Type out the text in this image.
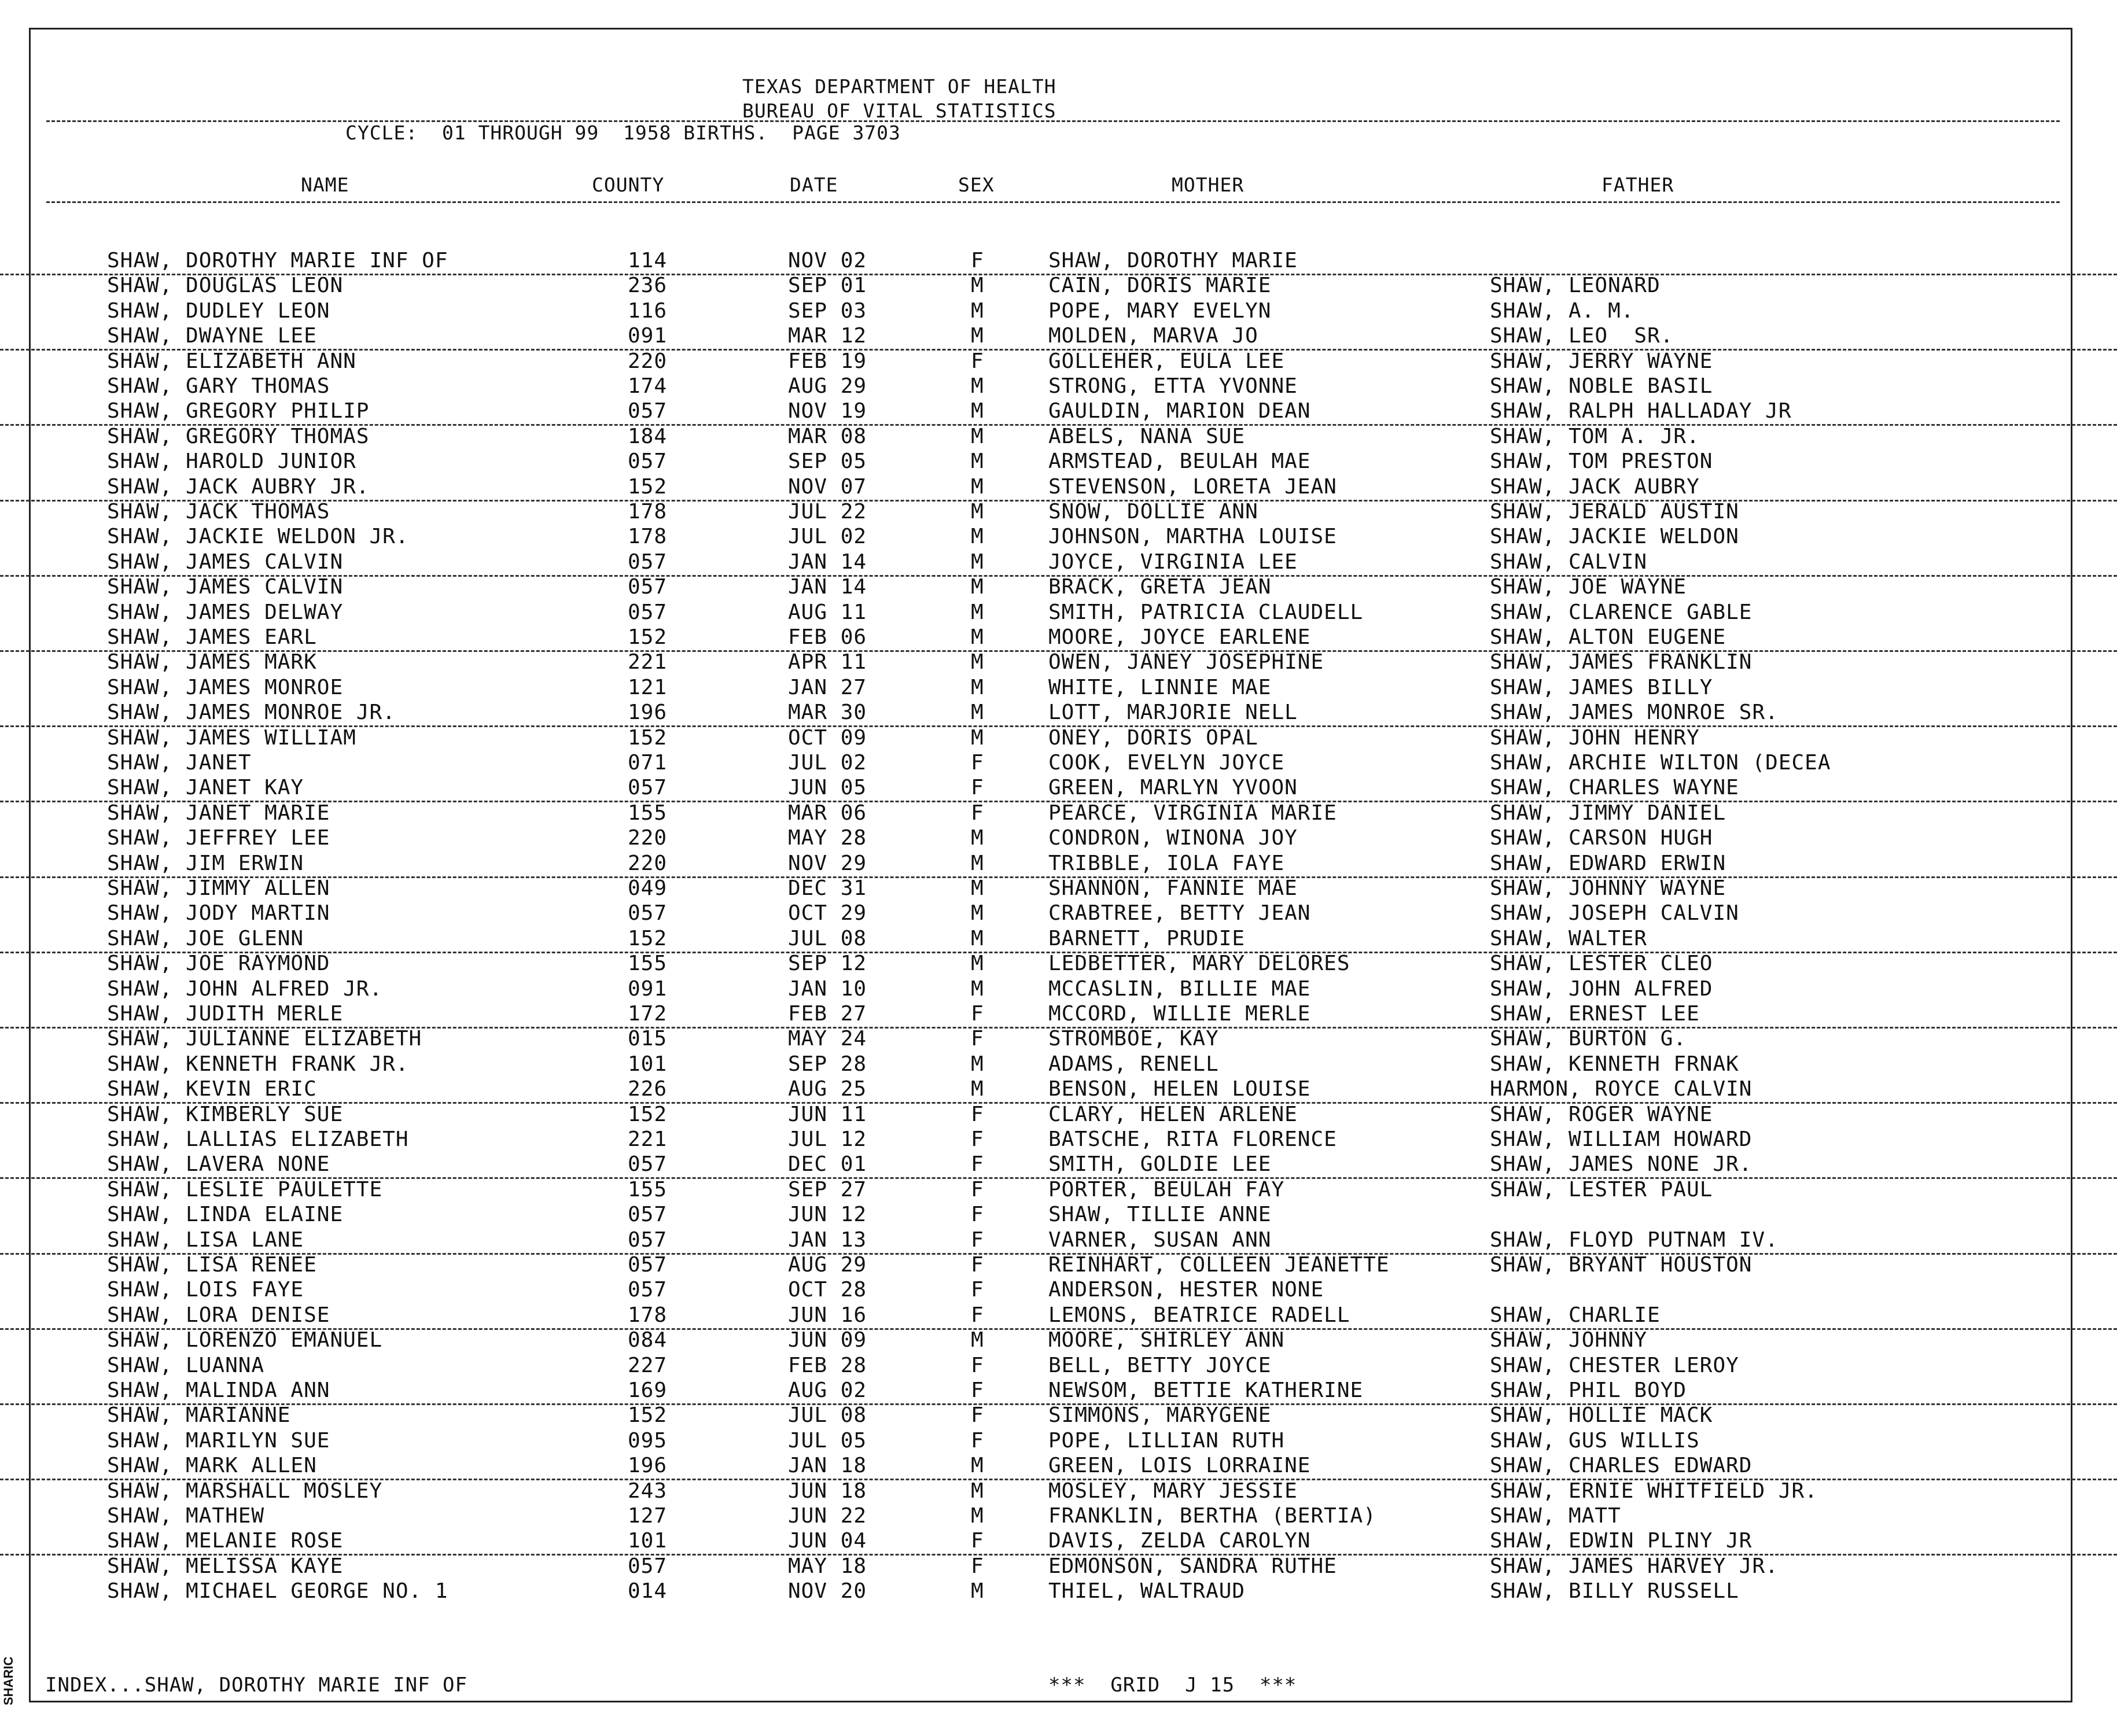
TEXAS DEPARTMENT OF HEALTH
BUREAU OF VITAL STATISTICS
CYCLE:  01 THROUGH 99  1958 BIRTHS.  PAGE 3703
NAME	COUNTY	DATE	SEX	MOTHER	FATHER
SHAW, DOROTHY MARIE INF OF	114	NOV 02	F	SHAW, DOROTHY MARIE
SHAW, DOUGLAS LEON	236	SEP 01	M	CAIN, DORIS MARIE	SHAW, LEONARD
SHAW, DUDLEY LEON	116	SEP 03	M	POPE, MARY EVELYN	SHAW, A. M.
SHAW, DWAYNE LEE	091	MAR 12	M	MOLDEN, MARVA JO	SHAW, LEO  SR.
SHAW, ELIZABETH ANN	220	FEB 19	F	GOLLEHER, EULA LEE	SHAW, JERRY WAYNE
SHAW, GARY THOMAS	174	AUG 29	M	STRONG, ETTA YVONNE	SHAW, NOBLE BASIL
SHAW, GREGORY PHILIP	057	NOV 19	M	GAULDIN, MARION DEAN	SHAW, RALPH HALLADAY JR
SHAW, GREGORY THOMAS	184	MAR 08	M	ABELS, NANA SUE	SHAW, TOM A. JR.
SHAW, HAROLD JUNIOR	057	SEP 05	M	ARMSTEAD, BEULAH MAE	SHAW, TOM PRESTON
SHAW, JACK AUBRY JR.	152	NOV 07	M	STEVENSON, LORETA JEAN	SHAW, JACK AUBRY
SHAW, JACK THOMAS	178	JUL 22	M	SNOW, DOLLIE ANN	SHAW, JERALD AUSTIN
SHAW, JACKIE WELDON JR.	178	JUL 02	M	JOHNSON, MARTHA LOUISE	SHAW, JACKIE WELDON
SHAW, JAMES CALVIN	057	JAN 14	M	JOYCE, VIRGINIA LEE	SHAW, CALVIN
SHAW, JAMES CALVIN	057	JAN 14	M	BRACK, GRETA JEAN	SHAW, JOE WAYNE
SHAW, JAMES DELWAY	057	AUG 11	M	SMITH, PATRICIA CLAUDELL	SHAW, CLARENCE GABLE
SHAW, JAMES EARL	152	FEB 06	M	MOORE, JOYCE EARLENE	SHAW, ALTON EUGENE
SHAW, JAMES MARK	221	APR 11	M	OWEN, JANEY JOSEPHINE	SHAW, JAMES FRANKLIN
SHAW, JAMES MONROE	121	JAN 27	M	WHITE, LINNIE MAE	SHAW, JAMES BILLY
SHAW, JAMES MONROE JR.	196	MAR 30	M	LOTT, MARJORIE NELL	SHAW, JAMES MONROE SR.
SHAW, JAMES WILLIAM	152	OCT 09	M	ONEY, DORIS OPAL	SHAW, JOHN HENRY
SHAW, JANET	071	JUL 02	F	COOK, EVELYN JOYCE	SHAW, ARCHIE WILTON (DECEA
SHAW, JANET KAY	057	JUN 05	F	GREEN, MARLYN YVOON	SHAW, CHARLES WAYNE
SHAW, JANET MARIE	155	MAR 06	F	PEARCE, VIRGINIA MARIE	SHAW, JIMMY DANIEL
SHAW, JEFFREY LEE	220	MAY 28	M	CONDRON, WINONA JOY	SHAW, CARSON HUGH
SHAW, JIM ERWIN	220	NOV 29	M	TRIBBLE, IOLA FAYE	SHAW, EDWARD ERWIN
SHAW, JIMMY ALLEN	049	DEC 31	M	SHANNON, FANNIE MAE	SHAW, JOHNNY WAYNE
SHAW, JODY MARTIN	057	OCT 29	M	CRABTREE, BETTY JEAN	SHAW, JOSEPH CALVIN
SHAW, JOE GLENN	152	JUL 08	M	BARNETT, PRUDIE	SHAW, WALTER
SHAW, JOE RAYMOND	155	SEP 12	M	LEDBETTER, MARY DELORES	SHAW, LESTER CLEO
SHAW, JOHN ALFRED JR.	091	JAN 10	M	MCCASLIN, BILLIE MAE	SHAW, JOHN ALFRED
SHAW, JUDITH MERLE	172	FEB 27	F	MCCORD, WILLIE MERLE	SHAW, ERNEST LEE
SHAW, JULIANNE ELIZABETH	015	MAY 24	F	STROMBOE, KAY	SHAW, BURTON G.
SHAW, KENNETH FRANK JR.	101	SEP 28	M	ADAMS, RENELL	SHAW, KENNETH FRNAK
SHAW, KEVIN ERIC	226	AUG 25	M	BENSON, HELEN LOUISE	HARMON, ROYCE CALVIN
SHAW, KIMBERLY SUE	152	JUN 11	F	CLARY, HELEN ARLENE	SHAW, ROGER WAYNE
SHAW, LALLIAS ELIZABETH	221	JUL 12	F	BATSCHE, RITA FLORENCE	SHAW, WILLIAM HOWARD
SHAW, LAVERA NONE	057	DEC 01	F	SMITH, GOLDIE LEE	SHAW, JAMES NONE JR.
SHAW, LESLIE PAULETTE	155	SEP 27	F	PORTER, BEULAH FAY	SHAW, LESTER PAUL
SHAW, LINDA ELAINE	057	JUN 12	F	SHAW, TILLIE ANNE
SHAW, LISA LANE	057	JAN 13	F	VARNER, SUSAN ANN	SHAW, FLOYD PUTNAM IV.
SHAW, LISA RENEE	057	AUG 29	F	REINHART, COLLEEN JEANETTE	SHAW, BRYANT HOUSTON
SHAW, LOIS FAYE	057	OCT 28	F	ANDERSON, HESTER NONE
SHAW, LORA DENISE	178	JUN 16	F	LEMONS, BEATRICE RADELL	SHAW, CHARLIE
SHAW, LORENZO EMANUEL	084	JUN 09	M	MOORE, SHIRLEY ANN	SHAW, JOHNNY
SHAW, LUANNA	227	FEB 28	F	BELL, BETTY JOYCE	SHAW, CHESTER LEROY
SHAW, MALINDA ANN	169	AUG 02	F	NEWSOM, BETTIE KATHERINE	SHAW, PHIL BOYD
SHAW, MARIANNE	152	JUL 08	F	SIMMONS, MARYGENE	SHAW, HOLLIE MACK
SHAW, MARILYN SUE	095	JUL 05	F	POPE, LILLIAN RUTH	SHAW, GUS WILLIS
SHAW, MARK ALLEN	196	JAN 18	M	GREEN, LOIS LORRAINE	SHAW, CHARLES EDWARD
SHAW, MARSHALL MOSLEY	243	JUN 18	M	MOSLEY, MARY JESSIE	SHAW, ERNIE WHITFIELD JR.
SHAW, MATHEW	127	JUN 22	M	FRANKLIN, BERTHA (BERTIA)	SHAW, MATT
SHAW, MELANIE ROSE	101	JUN 04	F	DAVIS, ZELDA CAROLYN	SHAW, EDWIN PLINY JR
SHAW, MELISSA KAYE	057	MAY 18	F	EDMONSON, SANDRA RUTHE	SHAW, JAMES HARVEY JR.
SHAW, MICHAEL GEORGE NO. 1	014	NOV 20	M	THIEL, WALTRAUD	SHAW, BILLY RUSSELL
INDEX...SHAW, DOROTHY MARIE INF OF	***  GRID  J 15  ***
SHARIC
